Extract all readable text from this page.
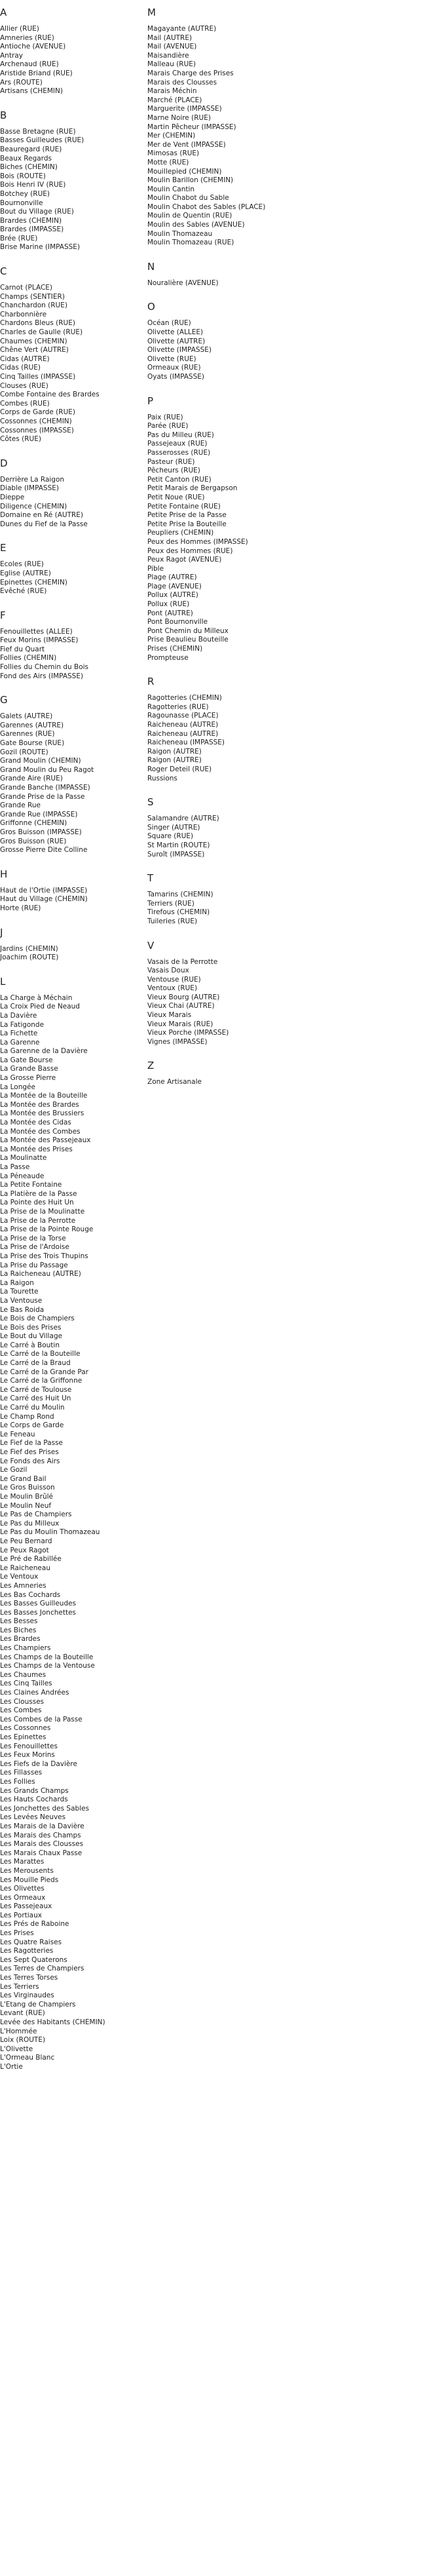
A
Allier (RUE)
Amneries (RUE)
Antioche (AVENUE)
Antray
Archenaud (RUE)
Aristide Briand (RUE)
Ars (ROUTE)
Artisans (CHEMIN)
B
Basse Bretagne (RUE)
Basses Guilleudes (RUE)
Beauregard (RUE)
Beaux Regards
Biches (CHEMIN)
Bois (ROUTE)
Bois Henri IV (RUE)
Botchey (RUE)
Bournonville
Bout du Village (RUE)
Brardes (CHEMIN)
Brardes (IMPASSE)
Brée (RUE)
Brise Marine (IMPASSE)
C
Carnot (PLACE)
Champs (SENTIER)
Chanchardon (RUE)
Charbonnière
Chardons Bleus (RUE)
Charles de Gaulle (RUE)
Chaumes (CHEMIN)
Chêne Vert (AUTRE)
Cidas (AUTRE)
Cidas (RUE)
Cinq Tailles (IMPASSE)
Clouses (RUE)
Combe Fontaine des Brardes
Combes (RUE)
Corps de Garde (RUE)
Cossonnes (CHEMIN)
Cossonnes (IMPASSE)
Côtes (RUE)
D
Derrière La Raigon
Diable (IMPASSE)
Dieppe
Diligence (CHEMIN)
Domaine en Ré (AUTRE)
Dunes du Fief de la Passe
E
Ecoles (RUE)
Eglise (AUTRE)
Epinettes (CHEMIN)
Evêché (RUE)
F
Fenouillettes (ALLEE)
Feux Morins (IMPASSE)
Fief du Quart
Follies (CHEMIN)
Follies du Chemin du Bois
Fond des Airs (IMPASSE)
G
Galets (AUTRE)
Garennes (AUTRE)
Garennes (RUE)
Gate Bourse (RUE)
Gozil (ROUTE)
Grand Moulin (CHEMIN)
Grand Moulin du Peu Ragot
Grande Aire (RUE)
Grande Banche (IMPASSE)
Grande Prise de la Passe
Grande Rue
Grande Rue (IMPASSE)
Griffonne (CHEMIN)
Gros Buisson (IMPASSE)
Gros Buisson (RUE)
Grosse Pierre Dite Colline
H
Haut de l'Ortie (IMPASSE)
Haut du Village (CHEMIN)
Horte (RUE)
J
Jardins (CHEMIN)
Joachim (ROUTE)
L
La Charge à Méchain
La Croix Pied de Neaud
La Davière
La Fatigonde
La Fichette
La Garenne
La Garenne de la Davière
La Gate Bourse
La Grande Basse
La Grosse Pierre
La Longée
La Montée de la Bouteille
La Montée des Brardes
La Montée des Brussiers
La Montée des Cidas
La Montée des Combes
La Montée des Passejeaux
La Montée des Prises
La Moulinatte
La Passe
La Péneaude
La Petite Fontaine
La Platière de la Passe
La Pointe des Huit Un
La Prise de la Moulinatte
La Prise de la Perrotte
La Prise de la Pointe Rouge
La Prise de la Torse
La Prise de l'Ardoise
La Prise des Trois Thupins
La Prise du Passage
La Raicheneau (AUTRE)
La Raigon
La Tourette
La Ventouse
Le Bas Roida
Le Bois de Champiers
Le Bois des Prises
Le Bout du Village
Le Carré à Boutin
Le Carré de la Bouteille
Le Carré de la Braud
Le Carré de la Grande Par
Le Carré de la Griffonne
Le Carré de Toulouse
Le Carré des Huit Un
Le Carré du Moulin
Le Champ Rond
Le Corps de Garde
Le Feneau
Le Fief de la Passe
Le Fief des Prises
Le Fonds des Airs
Le Gozil
Le Grand Bail
Le Gros Buisson
Le Moulin Brûlé
Le Moulin Neuf
Le Pas de Champiers
Le Pas du Milleux
Le Pas du Moulin Thomazeau
Le Peu Bernard
Le Peux Ragot
Le Pré de Rabillée
Le Raicheneau
Le Ventoux
Les Amneries
Les Bas Cochards
Les Basses Guilleudes
Les Basses Jonchettes
Les Besses
Les Biches
Les Brardes
Les Champiers
Les Champs de la Bouteille
Les Champs de la Ventouse
Les Chaumes
Les Cinq Tailles
Les Claines Andrées
Les Clousses
Les Combes
Les Combes de la Passe
Les Cossonnes
Les Epinettes
Les Fenouillettes
Les Feux Morins
Les Fiefs de la Davière
Les Fillasses
Les Follies
Les Grands Champs
Les Hauts Cochards
Les Jonchettes des Sables
Les Levées Neuves
Les Marais de la Davière
Les Marais des Champs
Les Marais des Clousses
Les Marais Chaux Passe
Les Marattes
Les Merousents
Les Mouille Pieds
Les Olivettes
Les Ormeaux
Les Passejeaux
Les Portiaux
Les Prés de Raboine
Les Prises
Les Quatre Raises
Les Ragotteries
Les Sept Quaterons
Les Terres de Champiers
Les Terres Torses
Les Terriers
Les Virginaudes
L'Etang de Champiers
Levant (RUE)
Levée des Habitants (CHEMIN)
L'Hommée
Loix (ROUTE)
L'Olivette
L'Ormeau Blanc
L'Ortie
M
Magayante (AUTRE)
Mail (AUTRE)
Mail (AVENUE)
Maisandière
Malleau (RUE)
Marais Charge des Prises
Marais des Clousses
Marais Méchin
Marché (PLACE)
Marguerite (IMPASSE)
Marne Noire (RUE)
Martin Pêcheur (IMPASSE)
Mer (CHEMIN)
Mer de Vent (IMPASSE)
Mimosas (RUE)
Motte (RUE)
Mouillepied (CHEMIN)
Moulin Barillon (CHEMIN)
Moulin Cantin
Moulin Chabot du Sable
Moulin Chabot des Sables (PLACE)
Moulin de Quentin (RUE)
Moulin des Sables (AVENUE)
Moulin Thomazeau
Moulin Thomazeau (RUE)
N
Nouralière (AVENUE)
O
Océan (RUE)
Olivette (ALLEE)
Olivette (AUTRE)
Olivette (IMPASSE)
Olivette (RUE)
Ormeaux (RUE)
Oyats (IMPASSE)
P
Paix (RUE)
Parée (RUE)
Pas du Milleu (RUE)
Passejeaux (RUE)
Passerosses (RUE)
Pasteur (RUE)
Pêcheurs (RUE)
Petit Canton (RUE)
Petit Marais de Bergapson
Petit Noue (RUE)
Petite Fontaine (RUE)
Petite Prise de la Passe
Petite Prise la Bouteille
Peupliers (CHEMIN)
Peux des Hommes (IMPASSE)
Peux des Hommes (RUE)
Peux Ragot (AVENUE)
Pible
Plage (AUTRE)
Plage (AVENUE)
Pollux (AUTRE)
Pollux (RUE)
Pont (AUTRE)
Pont Bournonville
Pont Chemin du Milleux
Prise Beaulieu Bouteille
Prises (CHEMIN)
Prompteuse
R
Ragotteries (CHEMIN)
Ragotteries (RUE)
Ragounasse (PLACE)
Raicheneau (AUTRE)
Raicheneau (AUTRE)
Raicheneau (IMPASSE)
Raigon (AUTRE)
Raigon (AUTRE)
Roger Deteil (RUE)
Russions
S
Salamandre (AUTRE)
Singer (AUTRE)
Square (RUE)
St Martin (ROUTE)
Suroît (IMPASSE)
T
Tamarins (CHEMIN)
Terriers (RUE)
Tirefous (CHEMIN)
Tuileries (RUE)
V
Vasais de la Perrotte
Vasais Doux
Ventouse (RUE)
Ventoux (RUE)
Vieux Bourg (AUTRE)
Vieux Chai (AUTRE)
Vieux Marais
Vieux Marais (RUE)
Vieux Porche (IMPASSE)
Vignes (IMPASSE)
Z
Zone Artisanale
